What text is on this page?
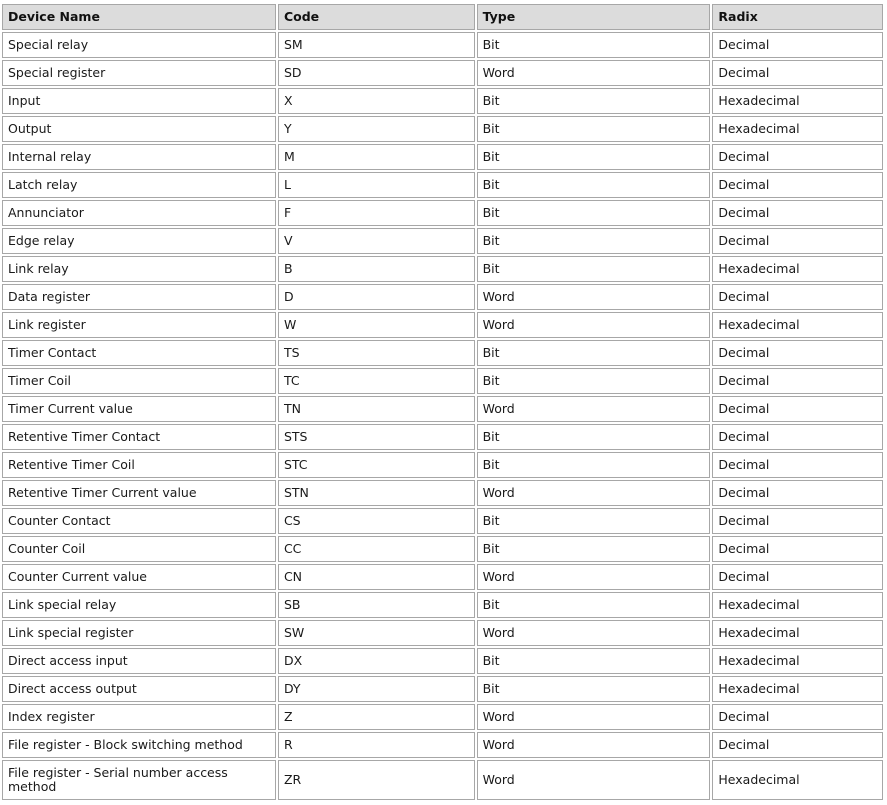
Device Name	Code	Type	Radix
Special relay	SM	Bit	Decimal
Special register	SD	Word	Decimal
Input	X	Bit	Hexadecimal
Output	Y	Bit	Hexadecimal
Internal relay	M	Bit	Decimal
Latch relay	L	Bit	Decimal
Annunciator	F	Bit	Decimal
Edge relay	V	Bit	Decimal
Link relay	B	Bit	Hexadecimal
Data register	D	Word	Decimal
Link register	W	Word	Hexadecimal
Timer Contact	TS	Bit	Decimal
Timer Coil	TC	Bit	Decimal
Timer Current value	TN	Word	Decimal
Retentive Timer Contact	STS	Bit	Decimal
Retentive Timer Coil	STC	Bit	Decimal
Retentive Timer Current value	STN	Word	Decimal
Counter Contact	CS	Bit	Decimal
Counter Coil	CC	Bit	Decimal
Counter Current value	CN	Word	Decimal
Link special relay	SB	Bit	Hexadecimal
Link special register	SW	Word	Hexadecimal
Direct access input	DX	Bit	Hexadecimal
Direct access output	DY	Bit	Hexadecimal
Index register	Z	Word	Decimal
File register - Block switching method	R	Word	Decimal
File register - Serial number access method	ZR	Word	Hexadecimal
